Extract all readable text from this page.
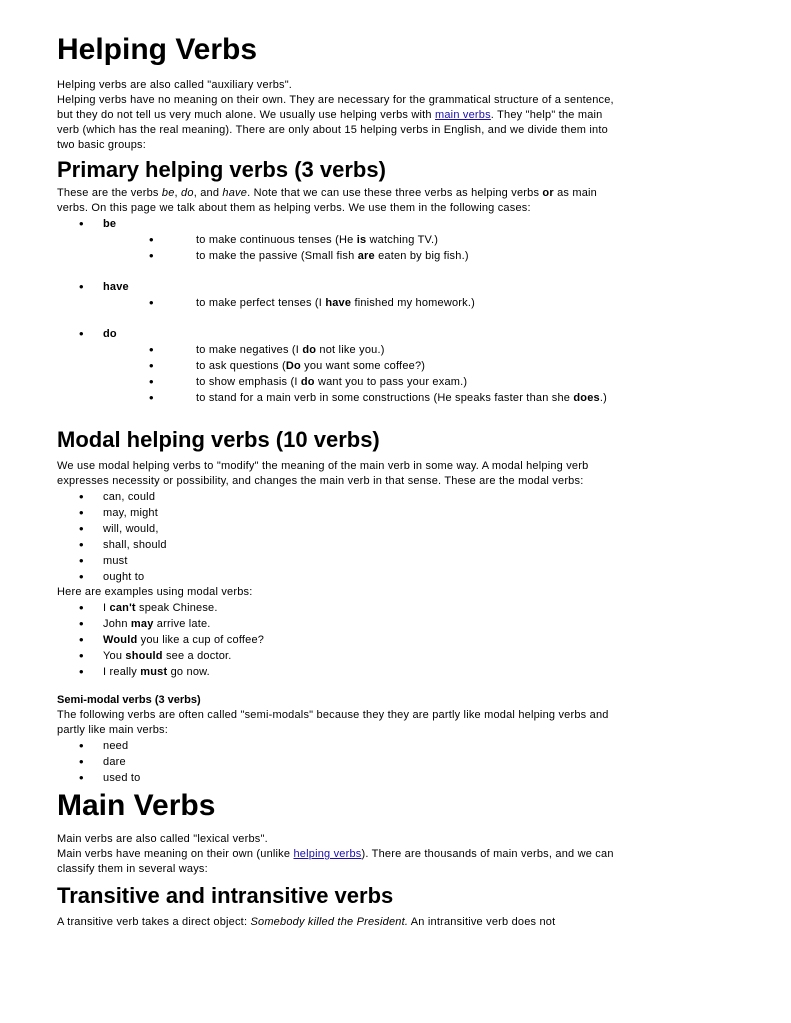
Helping Verbs

Helping verbs are also called "auxiliary verbs".
Helping verbs have no meaning on their own. They are necessary for the grammatical structure of a sentence, but they do not tell us very much alone. We usually use helping verbs with main verbs. They "help" the main verb (which has the real meaning). There are only about 15 helping verbs in English, and we divide them into two basic groups:

Primary helping verbs (3 verbs)

These are the verbs be, do, and have. Note that we can use these three verbs as helping verbs or as main verbs. On this page we talk about them as helping verbs. We use them in the following cases:

• be
• to make continuous tenses (He is watching TV.)
• to make the passive (Small fish are eaten by big fish.)
• have
• to make perfect tenses (I have finished my homework.)
• do
• to make negatives (I do not like you.)
• to ask questions (Do you want some coffee?)
• to show emphasis (I do want you to pass your exam.)
• to stand for a main verb in some constructions (He speaks faster than she does.)
Modal helping verbs (10 verbs)

We use modal helping verbs to "modify" the meaning of the main verb in some way. A modal helping verb expresses necessity or possibility, and changes the main verb in that sense. These are the modal verbs:

• can, could
• may, might
• will, would,
• shall, should
• must
• ought to

Here are examples using modal verbs:

• I can't speak Chinese.
• John may arrive late.
• Would you like a cup of coffee?
• You should see a doctor.
• I really must go now.
Semi-modal verbs (3 verbs)

The following verbs are often called "semi-modals" because they they are partly like modal helping verbs and partly like main verbs:

• need
• dare
• used to
Main Verbs

Main verbs are also called "lexical verbs".
Main verbs have meaning on their own (unlike helping verbs). There are thousands of main verbs, and we can classify them in several ways:

Transitive and intransitive verbs

A transitive verb takes a direct object: Somebody killed the President. An intransitive verb does not
